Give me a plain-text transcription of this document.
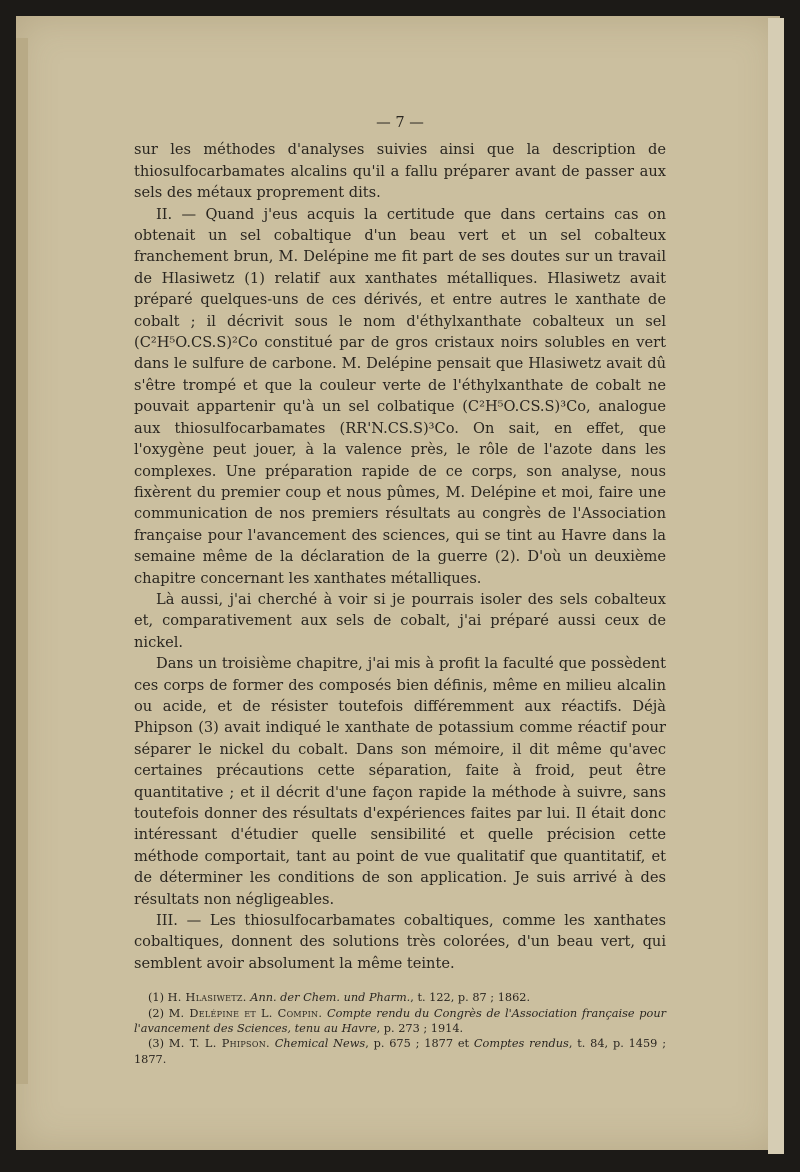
— 7 —

sur les méthodes d'analyses suivies ainsi que la description de thiosulfocarbamates alcalins qu'il a fallu préparer avant de passer aux sels des métaux proprement dits.

II. — Quand j'eus acquis la certitude que dans certains cas on obtenait un sel cobaltique d'un beau vert et un sel cobalteux franchement brun, M. Delépine me fit part de ses doutes sur un travail de Hlasiwetz (1) relatif aux xanthates métalliques. Hlasiwetz avait préparé quelques-uns de ces dérivés, et entre autres le xanthate de cobalt ; il décrivit sous le nom d'éthylxanthate cobalteux un sel (C²H⁵O.CS.S)²Co constitué par de gros cristaux noirs solubles en vert dans le sulfure de carbone. M. Delépine pensait que Hlasiwetz avait dû s'être trompé et que la couleur verte de l'éthylxanthate de cobalt ne pouvait appartenir qu'à un sel colbatique (C²H⁵O.CS.S)³Co, analogue aux thiosulfocarbamates (RR'N.CS.S)³Co. On sait, en effet, que l'oxygène peut jouer, à la valence près, le rôle de l'azote dans les complexes. Une préparation rapide de ce corps, son analyse, nous fixèrent du premier coup et nous pûmes, M. Delépine et moi, faire une communication de nos premiers résultats au congrès de l'Association française pour l'avancement des sciences, qui se tint au Havre dans la semaine même de la déclaration de la guerre (2). D'où un deuxième chapitre concernant les xanthates métalliques.

Là aussi, j'ai cherché à voir si je pourrais isoler des sels cobalteux et, comparativement aux sels de cobalt, j'ai préparé aussi ceux de nickel.

Dans un troisième chapitre, j'ai mis à profit la faculté que possèdent ces corps de former des composés bien définis, même en milieu alcalin ou acide, et de résister toutefois différemment aux réactifs. Déjà Phipson (3) avait indiqué le xanthate de potassium comme réactif pour séparer le nickel du cobalt. Dans son mémoire, il dit même qu'avec certaines précautions cette séparation, faite à froid, peut être quantitative ; et il décrit d'une façon rapide la méthode à suivre, sans toutefois donner des résultats d'expériences faites par lui. Il était donc intéressant d'étudier quelle sensibilité et quelle précision cette méthode comportait, tant au point de vue qualitatif que quantitatif, et de déterminer les conditions de son application. Je suis arrivé à des résultats non négligeables.

III. — Les thiosulfocarbamates cobaltiques, comme les xanthates cobaltiques, donnent des solutions très colorées, d'un beau vert, qui semblent avoir absolument la même teinte.

(1) H. Hlasiwetz. Ann. der Chem. und Pharm., t. 122, p. 87 ; 1862.

(2) M. Delépine et L. Compin. Compte rendu du Congrès de l'Association française pour l'avancement des Sciences, tenu au Havre, p. 273 ; 1914.

(3) M. T. L. Phipson. Chemical News, p. 675 ; 1877 et Comptes rendus, t. 84, p. 1459 ; 1877.
